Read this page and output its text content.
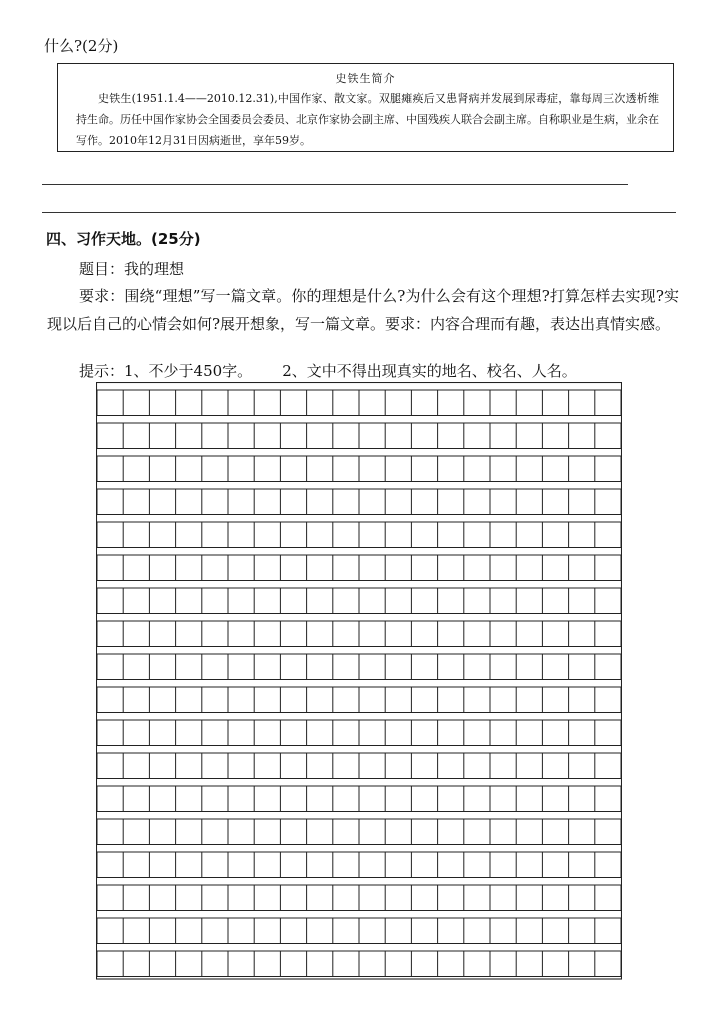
什么?(2分)
史铁生简介
史铁生(1951.1.4——2010.12.31),中国作家、散文家。双腿瘫痪后又患肾病并发展到尿毒症，靠每周三次透析维持生命。历任中国作家协会全国委员会委员、北京作家协会副主席、中国残疾人联合会副主席。自称职业是生病，业余在写作。2010年12月31日因病逝世，享年59岁。
四、习作天地。(25分)
题目：我的理想
要求：围绕“理想”写一篇文章。你的理想是什么?为什么会有这个理想?打算怎样去实现?实现以后自己的心情会如何?展开想象，写一篇文章。要求：内容合理而有趣，表达出真情实感。
提示：1、不少于450字。 2、文中不得出现真实的地名、校名、人名。
